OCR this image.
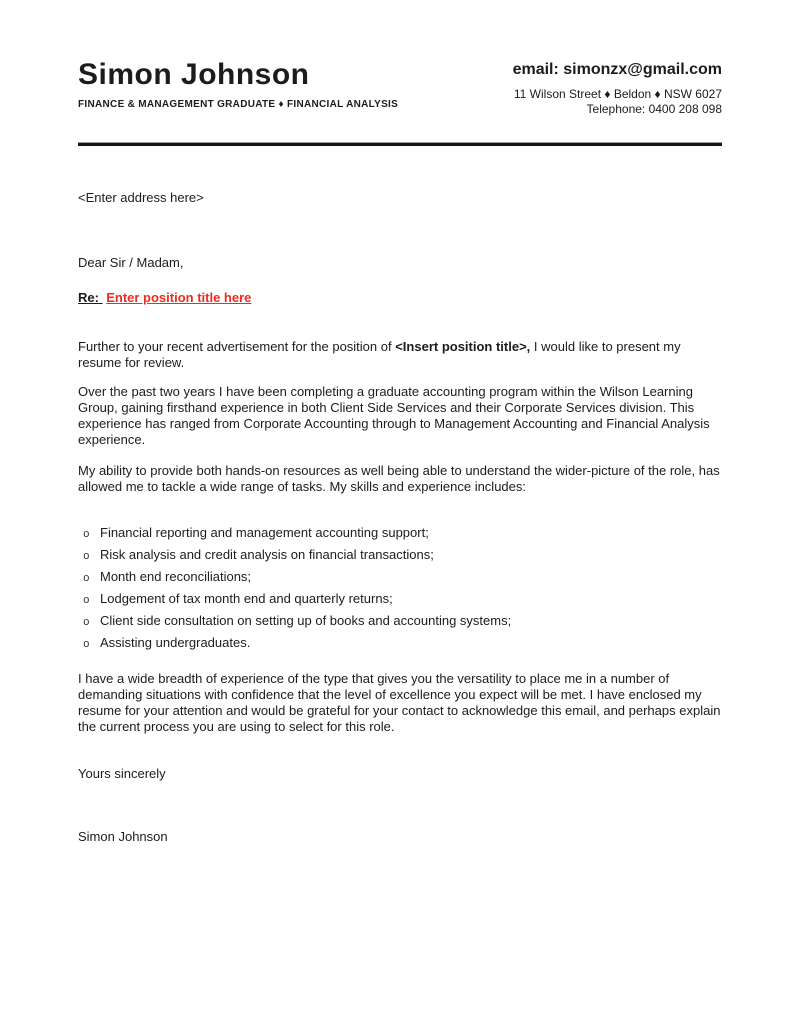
Simon Johnson
FINANCE & MANAGEMENT GRADUATE ♦ FINANCIAL ANALYSIS
email: simonzx@gmail.com
11 Wilson Street ♦ Beldon ♦ NSW 6027
Telephone: 0400 208 098
<Enter address here>
Dear Sir / Madam,
Re: Enter position title here

Further to your recent advertisement for the position of <Insert position title>, I would like to present my resume for review.

Over the past two years I have been completing a graduate accounting program within the Wilson Learning Group, gaining firsthand experience in both Client Side Services and their Corporate Services division. This experience has ranged from Corporate Accounting through to Management Accounting and Financial Analysis experience.

My ability to provide both hands-on resources as well being able to understand the wider-picture of the role, has allowed me to tackle a wide range of tasks. My skills and experience includes:

o Financial reporting and management accounting support;
o Risk analysis and credit analysis on financial transactions;
o Month end reconciliations;
o Lodgement of tax month end and quarterly returns;
o Client side consultation on setting up of books and accounting systems;
o Assisting undergraduates.

I have a wide breadth of experience of the type that gives you the versatility to place me in a number of demanding situations with confidence that the level of excellence you expect will be met. I have enclosed my resume for your attention and would be grateful for your contact to acknowledge this email, and perhaps explain the current process you are using to select for this role.

Yours sincerely
Simon Johnson
